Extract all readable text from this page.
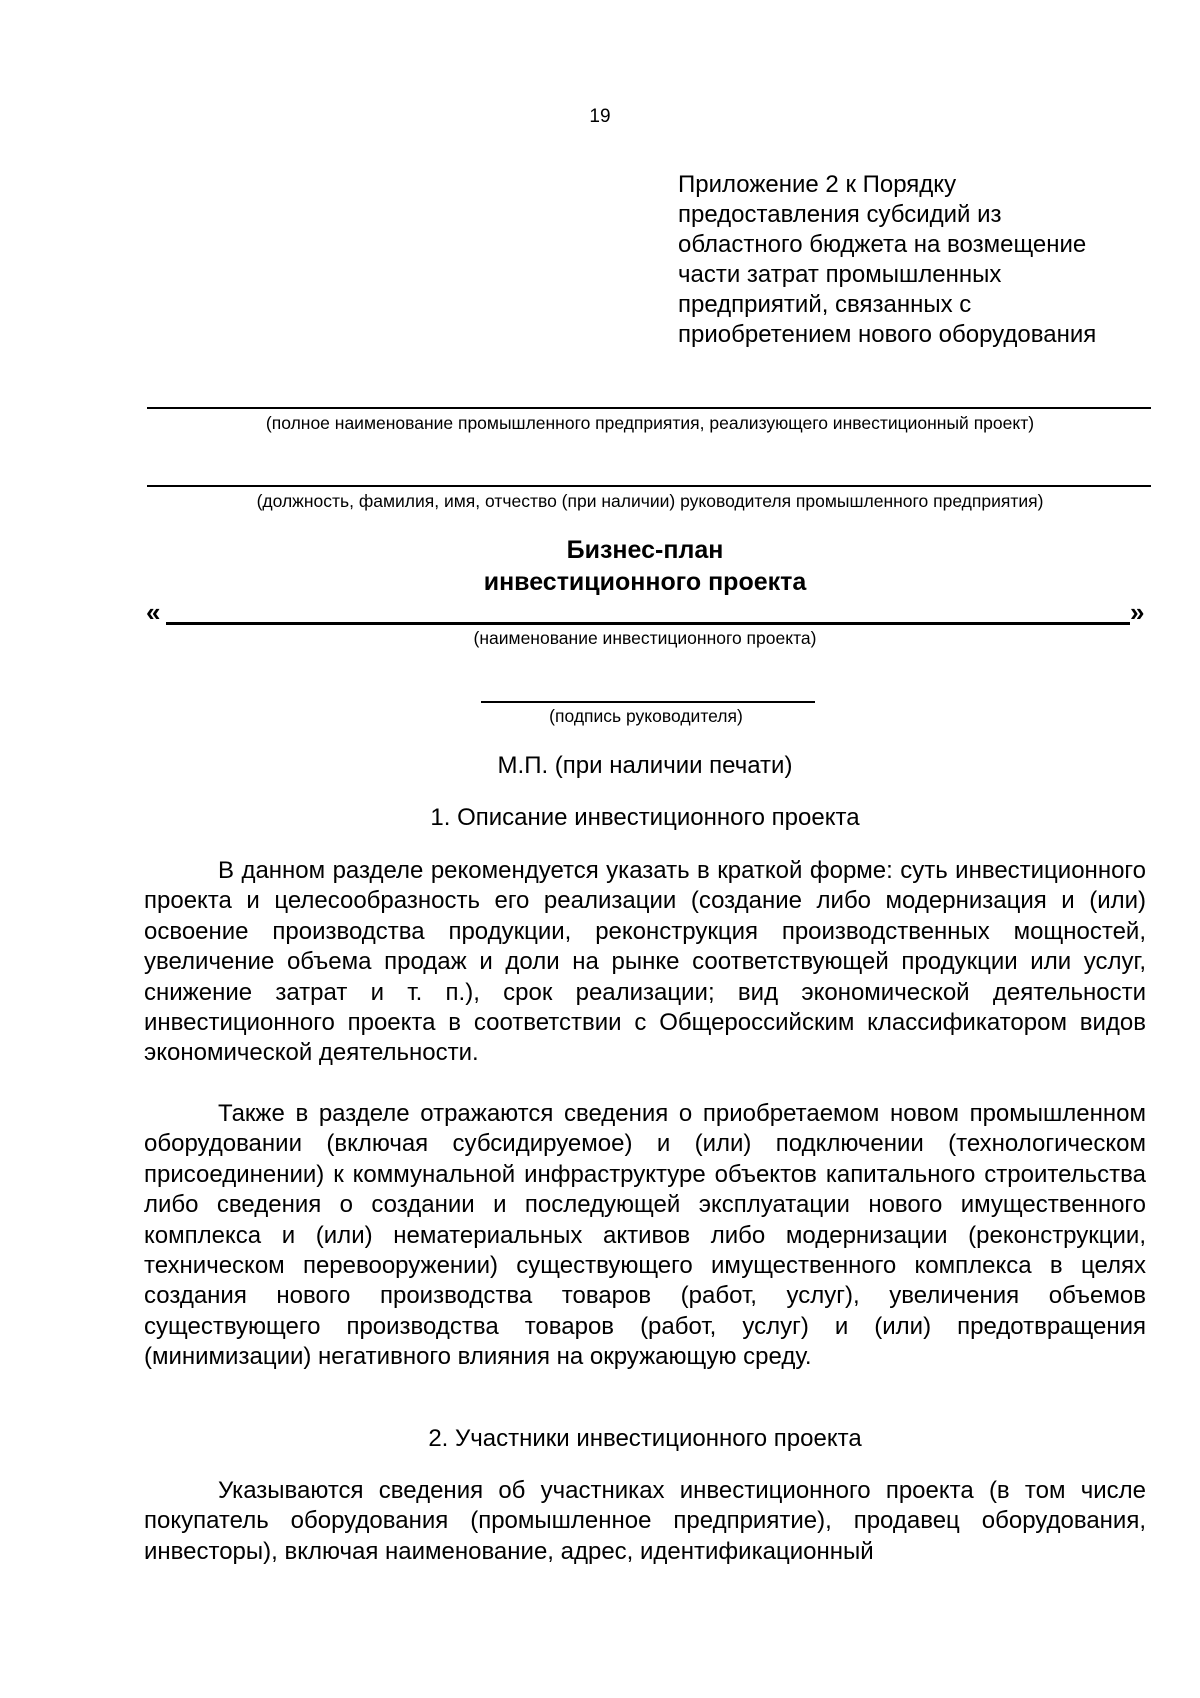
19
Приложение 2 к Порядку
предоставления субсидий из
областного бюджета на возмещение
части затрат промышленных
предприятий, связанных с
приобретением нового оборудования
(полное наименование промышленного предприятия, реализующего инвестиционный проект)
(должность, фамилия, имя, отчество (при наличии) руководителя промышленного предприятия)
Бизнес-план
инвестиционного проекта
«	»
(наименование инвестиционного проекта)
(подпись руководителя)
М.П. (при наличии печати)
1. Описание инвестиционного проекта

В данном разделе рекомендуется указать в краткой форме: суть инвестиционного проекта и целесообразность его реализации (создание либо модернизация и (или) освоение производства продукции, реконструкция производственных мощностей, увеличение объема продаж и доли на рынке соответствующей продукции или услуг, снижение затрат и т. п.), срок реализации; вид экономической деятельности инвестиционного проекта в соответствии с Общероссийским классификатором видов экономической деятельности.

Также в разделе отражаются сведения о приобретаемом новом промышленном оборудовании (включая субсидируемое) и (или) подключении (технологическом присоединении) к коммунальной инфраструктуре объектов капитального строительства либо сведения о создании и последующей эксплуатации нового имущественного комплекса и (или) нематериальных активов либо модернизации (реконструкции, техническом перевооружении) существующего имущественного комплекса в целях создания нового производства товаров (работ, услуг), увеличения объемов существующего производства товаров (работ, услуг) и (или) предотвращения (минимизации) негативного влияния на окружающую среду.

2. Участники инвестиционного проекта

Указываются сведения об участниках инвестиционного проекта (в том числе покупатель оборудования (промышленное предприятие), продавец оборудования, инвесторы), включая наименование, адрес, идентификационный
